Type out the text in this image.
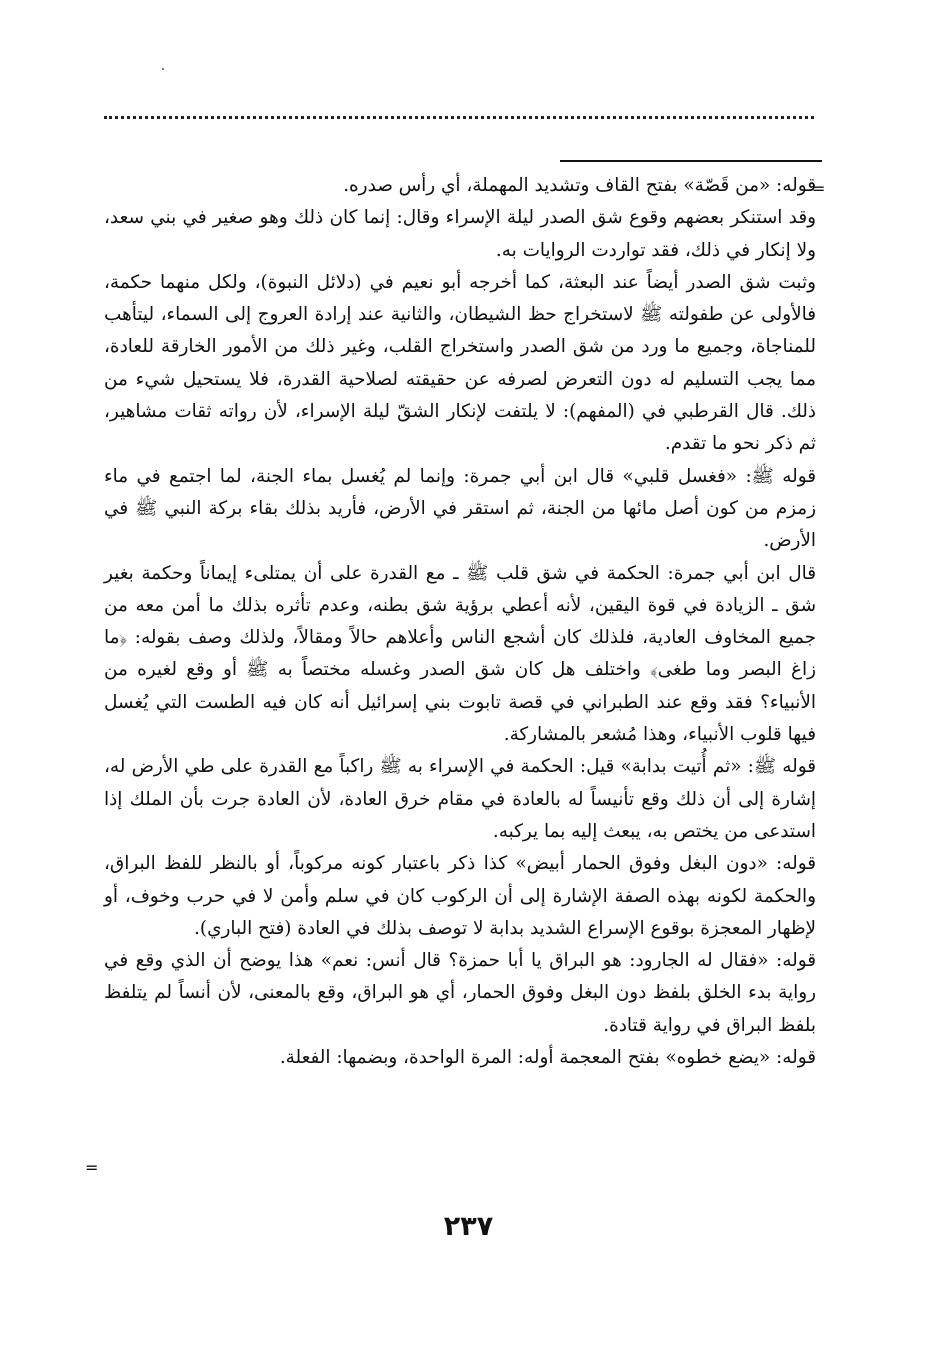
=

قوله: «من قَصّة» بفتح القاف وتشديد المهملة، أي رأس صدره.

وقد استنكر بعضهم وقوع شق الصدر ليلة الإسراء وقال: إنما كان ذلك وهو صغير في بني سعد، ولا إنكار في ذلك، فقد تواردت الروايات به.

وثبت شق الصدر أيضاً عند البعثة، كما أخرجه أبو نعيم في (دلائل النبوة)، ولكل منهما حكمة، فالأولى عن طفولته ﷺ لاستخراج حظ الشيطان، والثانية عند إرادة العروج إلى السماء، ليتأهب للمناجاة، وجميع ما ورد من شق الصدر واستخراج القلب، وغير ذلك من الأمور الخارقة للعادة، مما يجب التسليم له دون التعرض لصرفه عن حقيقته لصلاحية القدرة، فلا يستحيل شيء من ذلك. قال القرطبي في (المفهم): لا يلتفت لإنكار الشقّ ليلة الإسراء، لأن رواته ثقات مشاهير، ثم ذكر نحو ما تقدم.

قوله ﷺ: «فغسل قلبي» قال ابن أبي جمرة: وإنما لم يُغسل بماء الجنة، لما اجتمع في ماء زمزم من كون أصل مائها من الجنة، ثم استقر في الأرض، فأريد بذلك بقاء بركة النبي ﷺ في الأرض.

قال ابن أبي جمرة: الحكمة في شق قلب ﷺ ـ مع القدرة على أن يمتلىء إيماناً وحكمة بغير شق ـ الزيادة في قوة اليقين، لأنه أعطي برؤية شق بطنه، وعدم تأثره بذلك ما أمن معه من جميع المخاوف العادية، فلذلك كان أشجع الناس وأعلاهم حالاً ومقالاً، ولذلك وصف بقوله: ﴿ما زاغ البصر وما طغى﴾ واختلف هل كان شق الصدر وغسله مختصاً به ﷺ أو وقع لغيره من الأنبياء؟ فقد وقع عند الطبراني في قصة تابوت بني إسرائيل أنه كان فيه الطست التي يُغسل فيها قلوب الأنبياء، وهذا مُشعر بالمشاركة.

قوله ﷺ: «ثم أُتيت بدابة» قيل: الحكمة في الإسراء به ﷺ راكباً مع القدرة على طي الأرض له، إشارة إلى أن ذلك وقع تأنيساً له بالعادة في مقام خرق العادة، لأن العادة جرت بأن الملك إذا استدعى من يختص به، يبعث إليه بما يركبه.

قوله: «دون البغل وفوق الحمار أبيض» كذا ذكر باعتبار كونه مركوباً، أو بالنظر للفظ البراق، والحكمة لكونه بهذه الصفة الإشارة إلى أن الركوب كان في سلم وأمن لا في حرب وخوف، أو لإظهار المعجزة بوقوع الإسراع الشديد بدابة لا توصف بذلك في العادة (فتح الباري).

قوله: «فقال له الجارود: هو البراق يا أبا حمزة؟ قال أنس: نعم» هذا يوضح أن الذي وقع في رواية بدء الخلق بلفظ دون البغل وفوق الحمار، أي هو البراق، وقع بالمعنى، لأن أنساً لم يتلفظ بلفظ البراق في رواية قتادة.

قوله: «يضع خطوه» بفتح المعجمة أوله: المرة الواحدة، وبضمها: الفعلة.

=
٢٣٧
